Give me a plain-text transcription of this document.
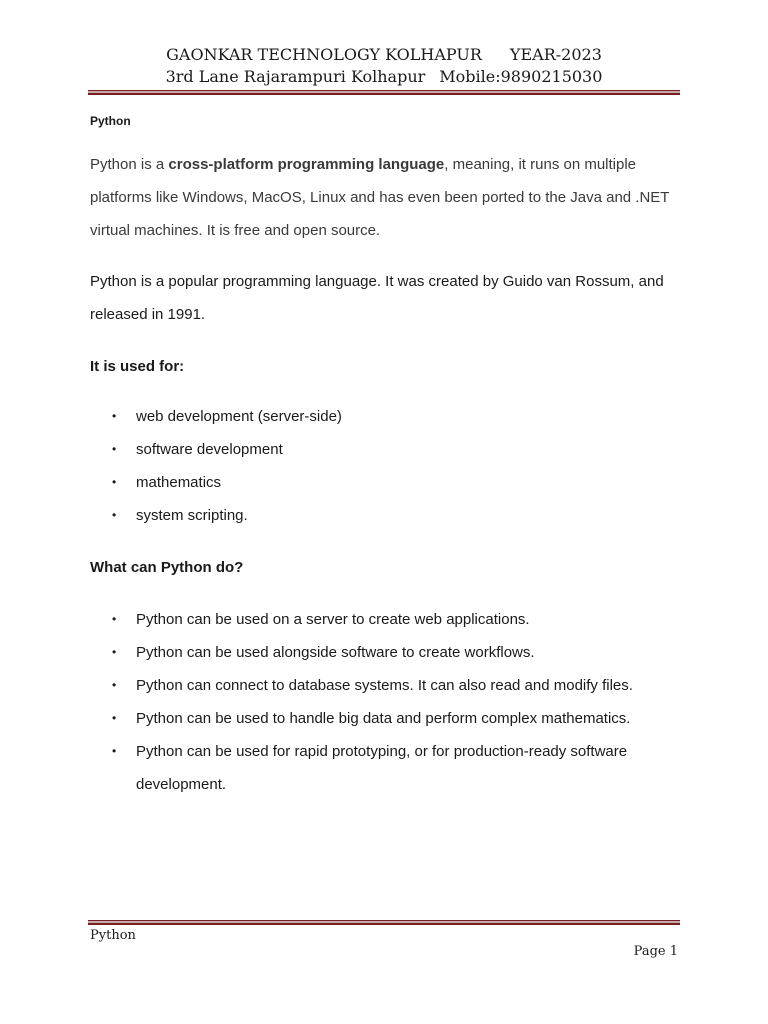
GAONKAR TECHNOLOGY KOLHAPUR YEAR-2023
3rd Lane Rajarampuri Kolhapur Mobile:9890215030
Python
Python is a cross-platform programming language, meaning, it runs on multiple platforms like Windows, MacOS, Linux and has even been ported to the Java and .NET virtual machines. It is free and open source.
Python is a popular programming language. It was created by Guido van Rossum, and released in 1991.
It is used for:
• web development (server-side)
• software development
• mathematics
• system scripting.
What can Python do?
• Python can be used on a server to create web applications.
• Python can be used alongside software to create workflows.
• Python can connect to database systems. It can also read and modify files.
• Python can be used to handle big data and perform complex mathematics.
• Python can be used for rapid prototyping, or for production-ready software development.
Python
Page 1
